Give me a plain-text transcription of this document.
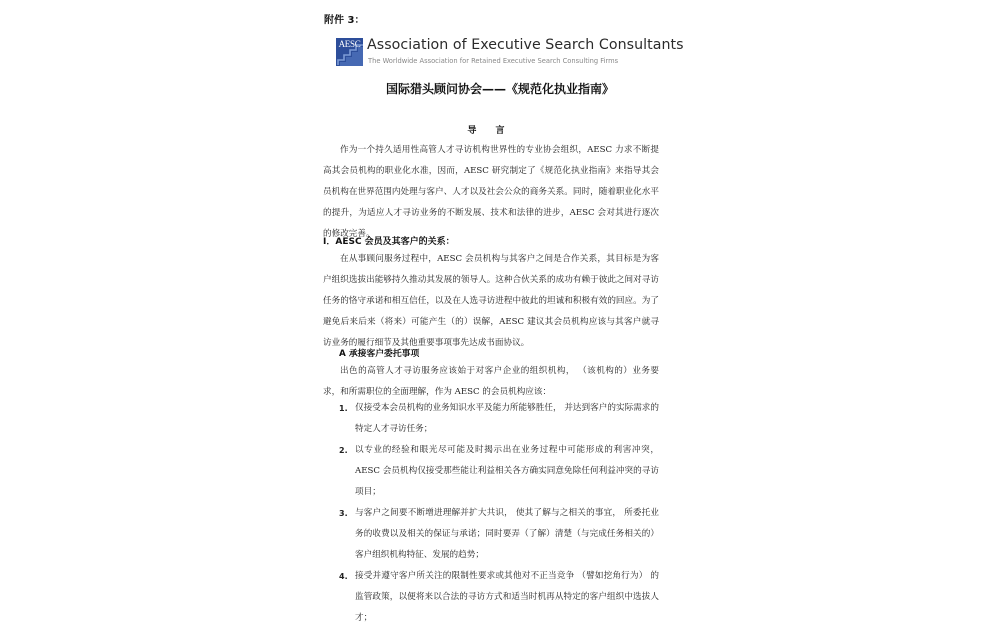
附件 3：
AESC Association of Executive Search Consultants
The Worldwide Association for Retained Executive Search Consulting Firms
国际猎头顾问协会——《规范化执业指南》
导 言
作为一个持久适用性高管人才寻访机构世界性的专业协会组织，AESC 力求不断提高其会员机构的职业化水准，因而，AESC 研究制定了《规范化执业指南》来指导其会员机构在世界范围内处理与客户、人才以及社会公众的商务关系。同时，随着职业化水平的提升，为适应人才寻访业务的不断发展、技术和法律的进步，AESC 会对其进行逐次的修改完善。
I．AESC 会员及其客户的关系：
在从事顾问服务过程中，AESC 会员机构与其客户之间是合作关系，其目标是为客户组织选拔出能够持久推动其发展的领导人。这种合伙关系的成功有赖于彼此之间对寻访任务的恪守承诺和相互信任，以及在人选寻访进程中彼此的坦诚和积极有效的回应。为了避免后来后来（将来）可能产生（的）误解，AESC 建议其会员机构应该与其客户就寻访业务的履行细节及其他重要事项事先达成书面协议。
A 承接客户委托事项
出色的高管人才寻访服务应该始于对客户企业的组织机构， （该机构的）业务要求，和所需职位的全面理解，作为 AESC 的会员机构应该：
1. 仅接受本会员机构的业务知识水平及能力所能够胜任， 并达到客户的实际需求的特定人才寻访任务；
2. 以专业的经验和眼光尽可能及时揭示出在业务过程中可能形成的利害冲突，AESC 会员机构仅接受那些能让利益相关各方确实同意免除任何利益冲突的寻访项目；
3. 与客户之间要不断增进理解并扩大共识， 使其了解与之相关的事宜， 所委托业务的收费以及相关的保证与承诺；同时要弄（了解）清楚（与完成任务相关的）客户组织机构特征、发展的趋势；
4. 接受并遵守客户所关注的限制性要求或其他对不正当竞争 （譬如挖角行为） 的监管政策，以便将来以合法的寻访方式和适当时机再从特定的客户组织中选拔人才；
